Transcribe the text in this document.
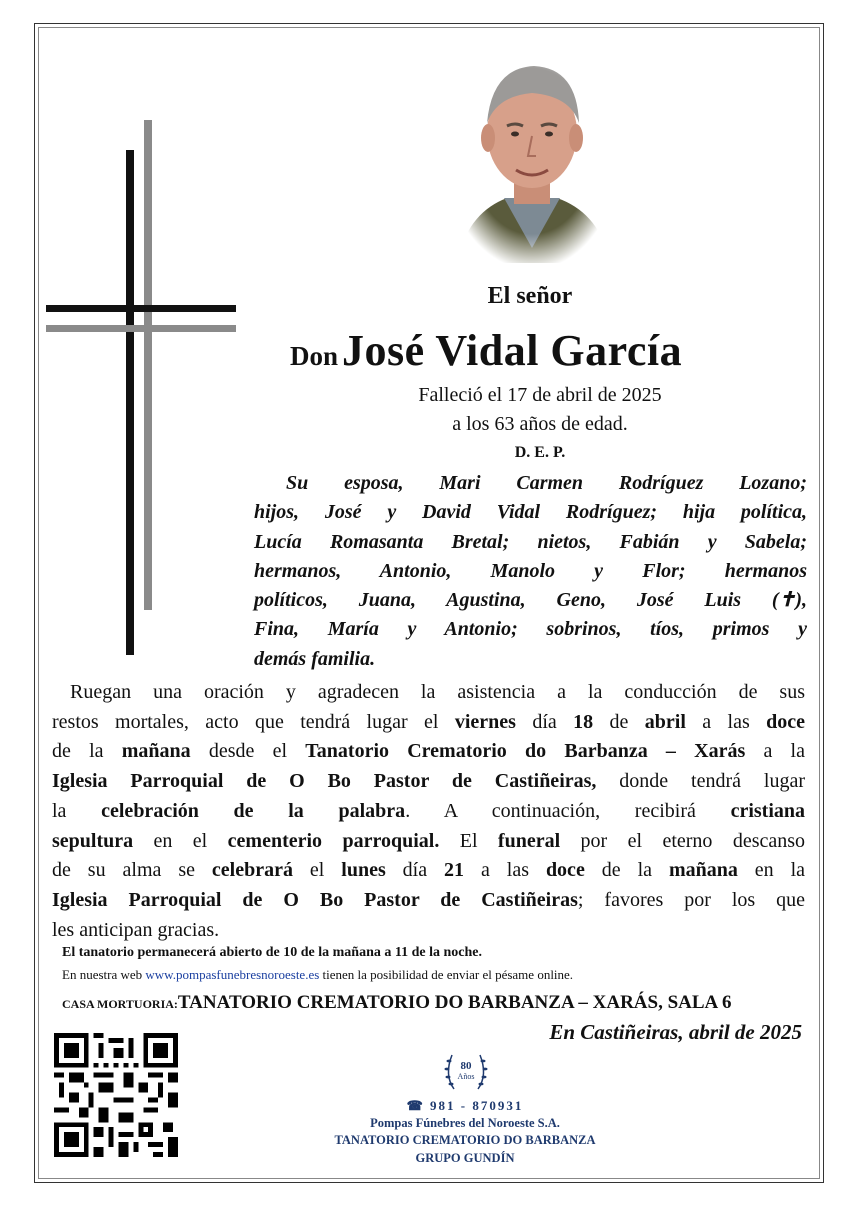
El señor
Don José Vidal García
Falleció el 17 de abril de 2025
a los 63 años de edad.
D. E. P.
Su esposa, Mari Carmen Rodríguez Lozano;
hijos, José y David Vidal Rodríguez; hija política,
Lucía Romasanta Bretal; nietos, Fabián y Sabela;
hermanos, Antonio, Manolo y Flor; hermanos
políticos, Juana, Agustina, Geno, José Luis (✝),
Fina, María y Antonio; sobrinos, tíos, primos y
demás familia.
Ruegan una oración y agradecen la asistencia a la conducción de sus
restos mortales, acto que tendrá lugar el viernes día 18 de abril a las doce
de la mañana desde el Tanatorio Crematorio do Barbanza – Xarás a la
Iglesia Parroquial de O Bo Pastor de Castiñeiras, donde tendrá lugar
la celebración de la palabra. A continuación, recibirá cristiana
sepultura en el cementerio parroquial. El funeral por el eterno descanso
de su alma se celebrará el lunes día 21 a las doce de la mañana en la
Iglesia Parroquial de O Bo Pastor de Castiñeiras; favores por los que
les anticipan gracias.
El tanatorio permanecerá abierto de 10 de la mañana a 11 de la noche.
En nuestra web www.pompasfunebresnoroeste.es tienen la posibilidad de enviar el pésame online.
CASA MORTUORIA:TANATORIO CREMATORIO DO BARBANZA – XARÁS, SALA 6
En Castiñeiras, abril de 2025
80
Años
☎ 981 - 870931
Pompas Fúnebres del Noroeste S.A.
TANATORIO CREMATORIO DO BARBANZA
GRUPO GUNDÍN
